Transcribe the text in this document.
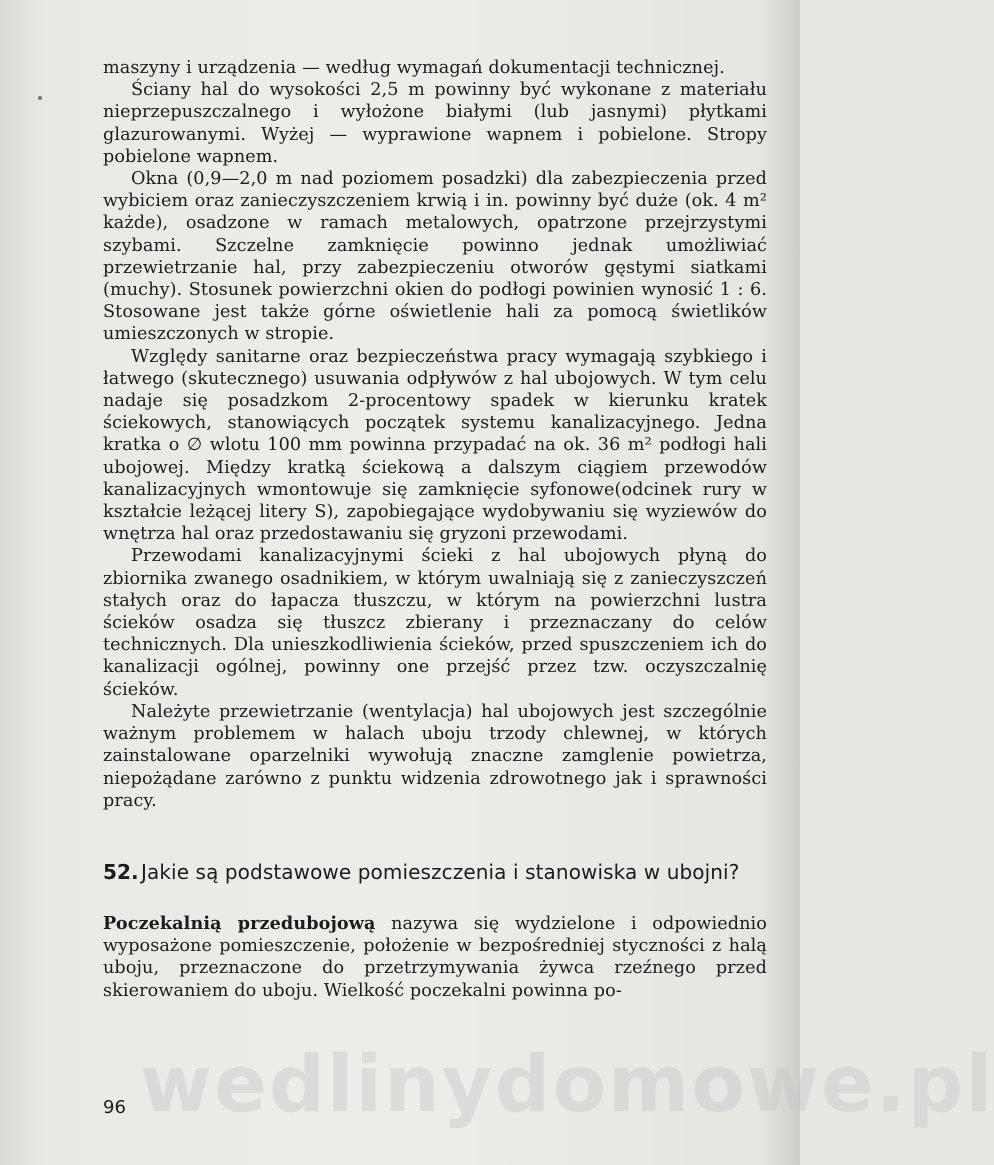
maszyny i urządzenia — według wymagań dokumentacji technicznej.

Ściany hal do wysokości 2,5 m powinny być wykonane z materiału nieprzepuszczalnego i wyłożone białymi (lub jasnymi) płytkami glazurowanymi. Wyżej — wyprawione wapnem i pobielone. Stropy pobielone wapnem.

Okna (0,9—2,0 m nad poziomem posadzki) dla zabezpieczenia przed wybiciem oraz zanieczyszczeniem krwią i in. powinny być duże (ok. 4 m² każde), osadzone w ramach metalowych, opatrzone przejrzystymi szybami. Szczelne zamknięcie powinno jednak umożliwiać przewietrzanie hal, przy zabezpieczeniu otworów gęstymi siatkami (muchy). Stosunek powierzchni okien do podłogi powinien wynosić 1 : 6. Stosowane jest także górne oświetlenie hali za pomocą świetlików umieszczonych w stropie.

Względy sanitarne oraz bezpieczeństwa pracy wymagają szybkiego i łatwego (skutecznego) usuwania odpływów z hal ubojowych. W tym celu nadaje się posadzkom 2-procentowy spadek w kierunku kratek ściekowych, stanowiących początek systemu kanalizacyjnego. Jedna kratka o ∅ wlotu 100 mm powinna przypadać na ok. 36 m² podłogi hali ubojowej. Między kratką ściekową a dalszym ciągiem przewodów kanalizacyjnych wmontowuje się zamknięcie syfonowe(odcinek rury w kształcie leżącej litery S), zapobiegające wydobywaniu się wyziewów do wnętrza hal oraz przedostawaniu się gryzoni przewodami.

Przewodami kanalizacyjnymi ścieki z hal ubojowych płyną do zbiornika zwanego osadnikiem, w którym uwalniają się z zanieczyszczeń stałych oraz do łapacza tłuszczu, w którym na powierzchni lustra ścieków osadza się tłuszcz zbierany i przeznaczany do celów technicznych. Dla unieszkodliwienia ścieków, przed spuszczeniem ich do kanalizacji ogólnej, powinny one przejść przez tzw. oczyszczalnię ścieków.

Należyte przewietrzanie (wentylacja) hal ubojowych jest szczególnie ważnym problemem w halach uboju trzody chlewnej, w których zainstalowane oparzelniki wywołują znaczne zamglenie powietrza, niepożądane zarówno z punktu widzenia zdrowotnego jak i sprawności pracy.

52. Jakie są podstawowe pomieszczenia i stanowiska w ubojni?

Poczekalnią przedubojową nazywa się wydzielone i odpowiednio wyposażone pomieszczenie, położenie w bezpośredniej styczności z halą uboju, przeznaczone do przetrzymywania żywca rzeźnego przed skierowaniem do uboju. Wielkość poczekalni powinna po-

wedlinydomowe.pl
96
